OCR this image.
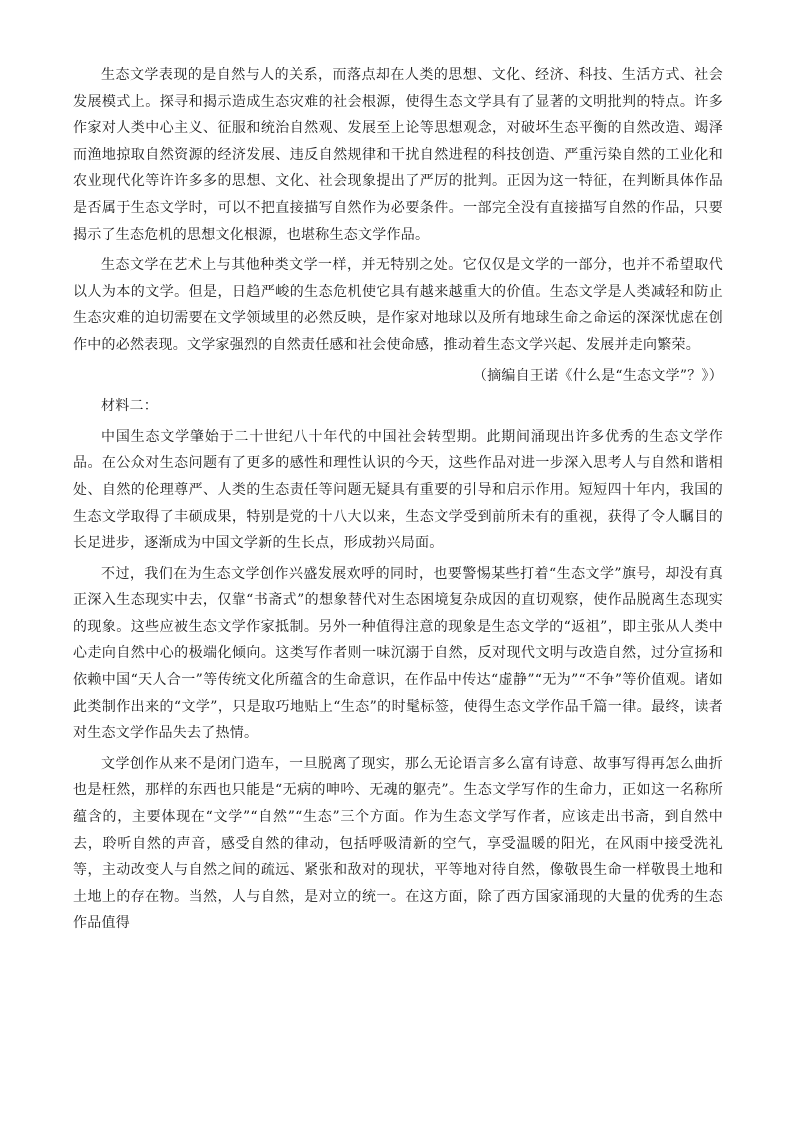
生态文学表现的是自然与人的关系，而落点却在人类的思想、文化、经济、科技、生活方式、社会发展模式上。探寻和揭示造成生态灾难的社会根源，使得生态文学具有了显著的文明批判的特点。许多作家对人类中心主义、征服和统治自然观、发展至上论等思想观念，对破坏生态平衡的自然改造、竭泽而渔地掠取自然资源的经济发展、违反自然规律和干扰自然进程的科技创造、严重污染自然的工业化和农业现代化等许许多多的思想、文化、社会现象提出了严厉的批判。正因为这一特征，在判断具体作品是否属于生态文学时，可以不把直接描写自然作为必要条件。一部完全没有直接描写自然的作品，只要揭示了生态危机的思想文化根源，也堪称生态文学作品。

生态文学在艺术上与其他种类文学一样，并无特别之处。它仅仅是文学的一部分，也并不希望取代以人为本的文学。但是，日趋严峻的生态危机使它具有越来越重大的价值。生态文学是人类减轻和防止生态灾难的迫切需要在文学领域里的必然反映，是作家对地球以及所有地球生命之命运的深深忧虑在创作中的必然表现。文学家强烈的自然责任感和社会使命感，推动着生态文学兴起、发展并走向繁荣。

（摘编自王诺《什么是“生态文学”？》）

材料二：

中国生态文学肇始于二十世纪八十年代的中国社会转型期。此期间涌现出许多优秀的生态文学作品。在公众对生态问题有了更多的感性和理性认识的今天，这些作品对进一步深入思考人与自然和谐相处、自然的伦理尊严、人类的生态责任等问题无疑具有重要的引导和启示作用。短短四十年内，我国的生态文学取得了丰硕成果，特别是党的十八大以来，生态文学受到前所未有的重视，获得了令人瞩目的长足进步，逐渐成为中国文学新的生长点，形成勃兴局面。

不过，我们在为生态文学创作兴盛发展欢呼的同时，也要警惕某些打着“生态文学”旗号，却没有真正深入生态现实中去，仅靠“书斋式”的想象替代对生态困境复杂成因的直切观察，使作品脱离生态现实的现象。这些应被生态文学作家抵制。另外一种值得注意的现象是生态文学的“返祖”，即主张从人类中心走向自然中心的极端化倾向。这类写作者则一味沉溺于自然，反对现代文明与改造自然，过分宣扬和依赖中国“天人合一”等传统文化所蕴含的生命意识，在作品中传达“虚静”“无为”“不争”等价值观。诸如此类制作出来的“文学”，只是取巧地贴上“生态”的时髦标签，使得生态文学作品千篇一律。最终，读者对生态文学作品失去了热情。

文学创作从来不是闭门造车，一旦脱离了现实，那么无论语言多么富有诗意、故事写得再怎么曲折也是枉然，那样的东西也只能是“无病的呻吟、无魂的躯壳”。生态文学写作的生命力，正如这一名称所蕴含的，主要体现在“文学”“自然”“生态”三个方面。作为生态文学写作者，应该走出书斋，到自然中去，聆听自然的声音，感受自然的律动，包括呼吸清新的空气，享受温暖的阳光，在风雨中接受洗礼等，主动改变人与自然之间的疏远、紧张和敌对的现状，平等地对待自然，像敬畏生命一样敬畏土地和土地上的存在物。当然，人与自然，是对立的统一。在这方面，除了西方国家涌现的大量的优秀的生态作品值得
